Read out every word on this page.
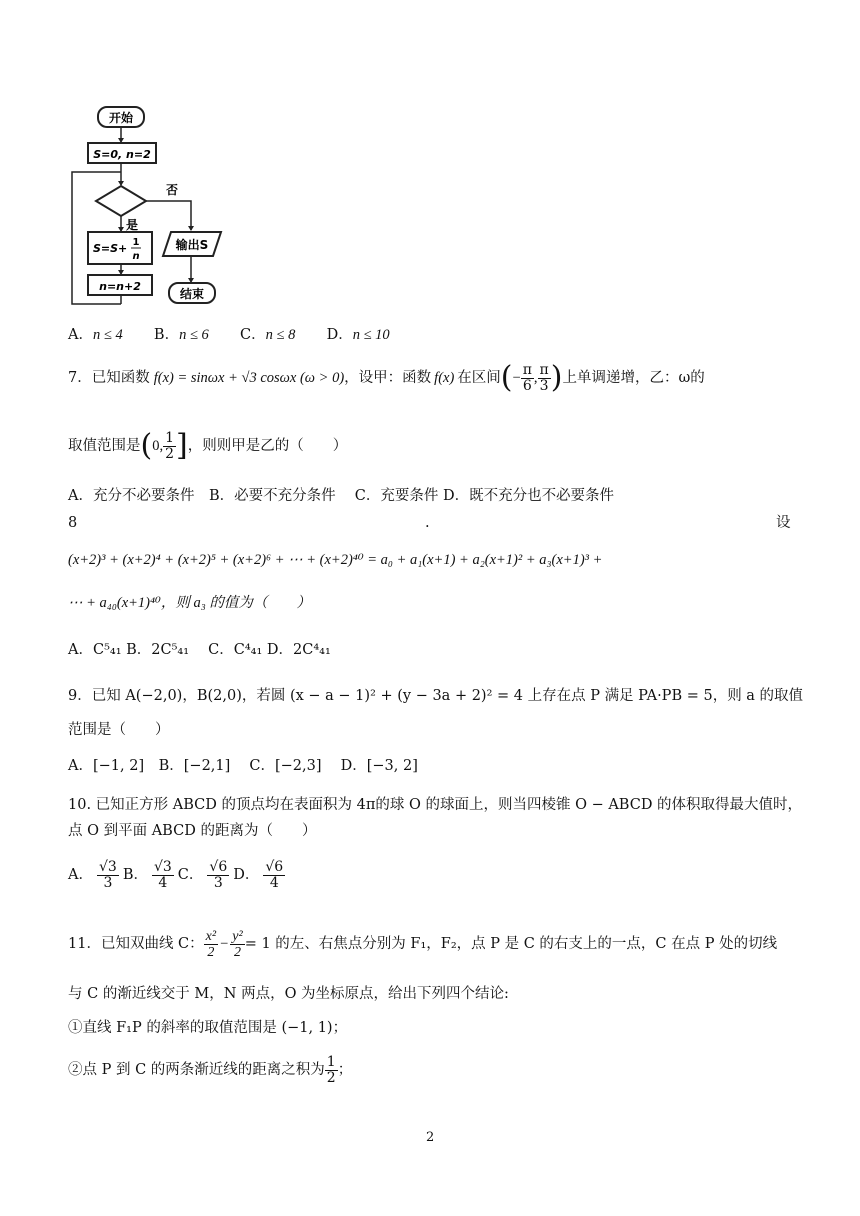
开始
S=0, n=2
否
是
S=S+ 1
n
n=n+2
输出S
结束
A．n ≤ 4 B．n ≤ 6 C．n ≤ 8 D．n ≤ 10
7．已知函数 f(x) = sinωx + √3 cosωx (ω > 0) ，设甲：函数 f(x) 在区间 ( − $\frac{\pi}{6}$ , $\frac{\pi}{3}$ ) 上单调递增，乙：ω的
取值范围是 ( 0, $\frac{1}{2}$ ] ，则则甲是乙的（　　）
A．充分不必要条件　B．必要不充分条件　 C．充要条件 D．既不充分也不必要条件
8	.	设
(x+2)³ + (x+2)⁴ + (x+2)⁵ + (x+2)⁶ + ⋯ + (x+2)⁴⁰ = a₀ + a₁(x+1) + a₂(x+1)² + a₃(x+1)³ +
⋯ + a₄₀(x+1)⁴⁰，则 a₃ 的值为（　　）
A．C⁵₄₁ B．2C⁵₄₁　 C．C⁴₄₁ D．2C⁴₄₁
9．已知 A(−2,0)，B(2,0)，若圆 (x − a − 1)² + (y − 3a + 2)² = 4 上存在点 P 满足 PA·PB = 5，则 a 的取值
范围是（　　）
A．[−1, 2]　B．[−2,1]　 C．[−2,3]　 D．[−3, 2]
10. 已知正方形 ABCD 的顶点均在表面积为 4π的球 O 的球面上，则当四棱锥 O − ABCD 的体积取得最大值时，
点 O 到平面 ABCD 的距离为（　　）
A． $\frac{√3}{3}$ B． $\frac{√3}{4}$ C． $\frac{√6}{3}$ D． $\frac{√6}{4}$
11．已知双曲线 C： $\frac{\text{x²}}{2} - \frac{\text{y²}}{2} = 1$ 的左、右焦点分别为 F₁，F₂，点 P 是 C 的右支上的一点，C 在点 P 处的切线
与 C 的渐近线交于 M，N 两点，O 为坐标原点，给出下列四个结论:
①直线 F₁P 的斜率的取值范围是 (−1, 1)；
②点 P 到 C 的两条渐近线的距离之积为 $\frac{1}{2}$ ；
2
